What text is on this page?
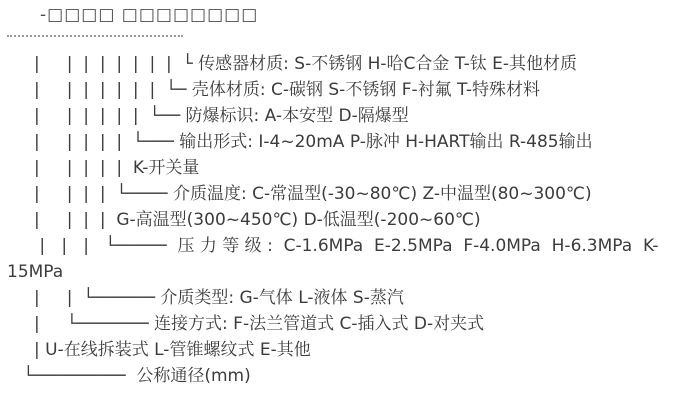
-□□□□ □□□□□□□□
|     |  |  |  |  |  |  |  └ 传感器材质: S-不锈钢 H-哈C合金 T-钛 E-其他材质
|     |  |  |  |  |  |  └─ 壳体材质: C-碳钢 S-不锈钢 F-衬氟 T-特殊材料
|     |  |  |  |  |  └── 防爆标识: A-本安型 D-隔爆型
|     |  |  |  |  └─── 输出形式: I-4~20mA P-脉冲 H-HART输出 R-485输出
|     |  |  |  |  K-开关量
|     |  |  |  └──── 介质温度: C-常温型(-30~80℃) Z-中温型(80~300℃)
|     |  |  |  G-高温型(300~450℃) D-低温型(-200~60℃)
|   |   |   └─────  压 力 等 级 :  C-1.6MPa  E-2.5MPa  F-4.0MPa  H-6.3MPa  K-
15MPa
|     |  └────── 介质类型: G-气体 L-液体 S-蒸汽
|     └─────── 连接方式: F-法兰管道式 C-插入式 D-对夹式
| U-在线拆装式 L-管锥螺纹式 E-其他
└─────────  公称通径(mm)
